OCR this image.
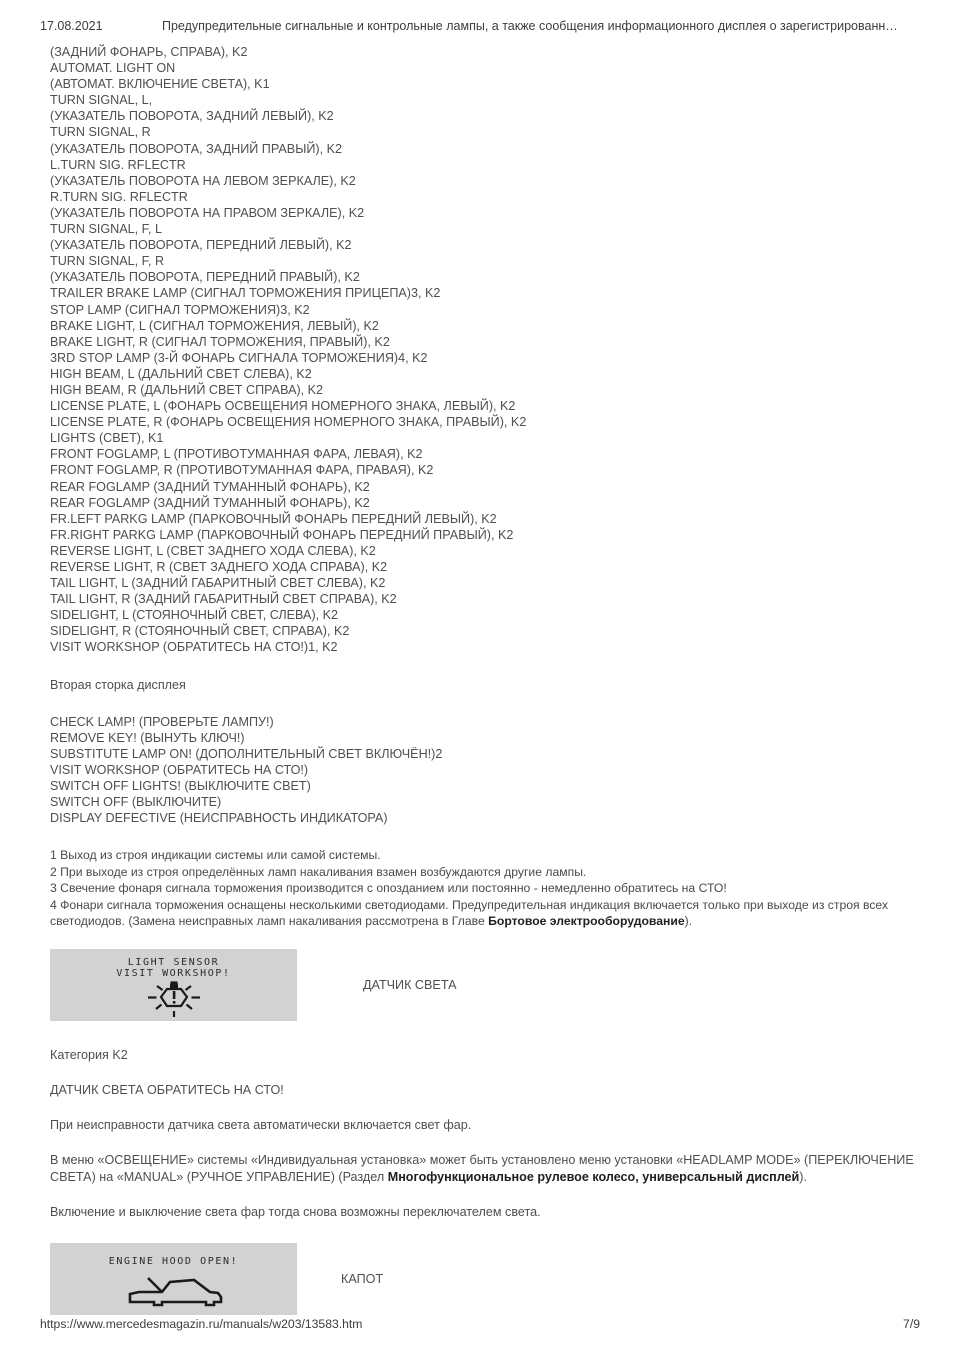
17.08.2021	Предупредительные сигнальные и контрольные лампы, а также сообщения информационного дисплея о зарегистрированн…
(ЗАДНИЙ ФОНАРЬ, СПРАВА), K2
AUTOMAT. LIGHT ON
(АВТОМАТ. ВКЛЮЧЕНИЕ СВЕТА), K1
TURN SIGNAL, L,
(УКАЗАТЕЛЬ ПОВОРОТА, ЗАДНИЙ ЛЕВЫЙ), K2
TURN SIGNAL, R
(УКАЗАТЕЛЬ ПОВОРОТА, ЗАДНИЙ ПРАВЫЙ), K2
L.TURN SIG. RFLECTR
(УКАЗАТЕЛЬ ПОВОРОТА НА ЛЕВОМ ЗЕРКАЛЕ), K2
R.TURN SIG. RFLECTR
(УКАЗАТЕЛЬ ПОВОРОТА НА ПРАВОМ ЗЕРКАЛЕ), K2
TURN SIGNAL, F, L
(УКАЗАТЕЛЬ ПОВОРОТА, ПЕРЕДНИЙ ЛЕВЫЙ), K2
TURN SIGNAL, F, R
(УКАЗАТЕЛЬ ПОВОРОТА, ПЕРЕДНИЙ ПРАВЫЙ), K2
TRAILER BRAKE LAMP (СИГНАЛ ТОРМОЖЕНИЯ ПРИЦЕПА)3, K2
STOP LAMP (СИГНАЛ ТОРМОЖЕНИЯ)3, K2
BRAKE LIGHT, L (СИГНАЛ ТОРМОЖЕНИЯ, ЛЕВЫЙ), K2
BRAKE LIGHT, R (СИГНАЛ ТОРМОЖЕНИЯ, ПРАВЫЙ), K2
3RD STOP LAMP (3-Й ФОНАРЬ СИГНАЛА ТОРМОЖЕНИЯ)4, K2
HIGH BEAM, L (ДАЛЬНИЙ СВЕТ СЛЕВА), K2
HIGH BEAM, R (ДАЛЬНИЙ СВЕТ СПРАВА), K2
LICENSE PLATE, L (ФОНАРЬ ОСВЕЩЕНИЯ НОМЕРНОГО ЗНАКА, ЛЕВЫЙ), K2
LICENSE PLATE, R (ФОНАРЬ ОСВЕЩЕНИЯ НОМЕРНОГО ЗНАКА, ПРАВЫЙ), K2
LIGHTS (СВЕТ), K1
FRONT FOGLAMP, L (ПРОТИВОТУМАННАЯ ФАРА, ЛЕВАЯ), K2
FRONT FOGLAMP, R (ПРОТИВОТУМАННАЯ ФАРА, ПРАВАЯ), K2
REAR FOGLAMP (ЗАДНИЙ ТУМАННЫЙ ФОНАРЬ), K2
REAR FOGLAMP (ЗАДНИЙ ТУМАННЫЙ ФОНАРЬ), K2
FR.LEFT PARKG LAMP (ПАРКОВОЧНЫЙ ФОНАРЬ ПЕРЕДНИЙ ЛЕВЫЙ), K2
FR.RIGHT PARKG LAMP (ПАРКОВОЧНЫЙ ФОНАРЬ ПЕРЕДНИЙ ПРАВЫЙ), K2
REVERSE LIGHT, L (СВЕТ ЗАДНЕГО ХОДА СЛЕВА), K2
REVERSE LIGHT, R (СВЕТ ЗАДНЕГО ХОДА СПРАВА), K2
TAIL LIGHT, L (ЗАДНИЙ ГАБАРИТНЫЙ СВЕТ СЛЕВА), K2
TAIL LIGHT, R (ЗАДНИЙ ГАБАРИТНЫЙ СВЕТ СПРАВА), K2
SIDELIGHT, L (СТОЯНОЧНЫЙ СВЕТ, СЛЕВА), K2
SIDELIGHT, R (СТОЯНОЧНЫЙ СВЕТ, СПРАВА), K2
VISIT WORKSHOP (ОБРАТИТЕСЬ НА СТО!)1, K2
Вторая сторка дисплея
CHECK LAMP! (ПРОВЕРЬТЕ ЛАМПУ!)
REMOVE KEY! (ВЫНУТЬ КЛЮЧ!)
SUBSTITUTE LAMP ON! (ДОПОЛНИТЕЛЬНЫЙ СВЕТ ВКЛЮЧЁН!)2
VISIT WORKSHOP (ОБРАТИТЕСЬ НА СТО!)
SWITCH OFF LIGHTS! (ВЫКЛЮЧИТЕ СВЕТ)
SWITCH OFF (ВЫКЛЮЧИТЕ)
DISPLAY DEFECTIVE (НЕИСПРАВНОСТЬ ИНДИКАТОРА)

1 Выход из строя индикации системы или самой системы.

2 При выходе из строя определённых ламп накаливания взамен возбуждаются другие лампы.

3 Свечение фонаря сигнала торможения производится с опозданием или постоянно - немедленно обратитесь на СТО!

4 Фонари сигнала торможения оснащены несколькими светодиодами. Предупредительная индикация включается только при выходе из строя всех светодиодов. (Замена неисправных ламп накаливания рассмотрена в Главе Бортовое электрооборудование).

LIGHT SENSOR
VISIT WORKSHOP!
ДАТЧИК СВЕТА
Категория K2
ДАТЧИК СВЕТА ОБРАТИТЕСЬ НА СТО!
При неисправности датчика света автоматически включается свет фар.
В меню «ОСВЕЩЕНИЕ» системы «Индивидуальная установка» может быть установлено меню установки «HEADLAMP MODE» (ПЕРЕКЛЮЧЕНИЕ СВЕТА) на «MANUAL» (РУЧНОЕ УПРАВЛЕНИЕ) (Раздел Многофункциональное рулевое колесо, универсальный дисплей).
Включение и выключение света фар тогда снова возможны переключателем света.
ENGINE HOOD OPEN!
КАПОТ
https://www.mercedesmagazin.ru/manuals/w203/13583.htm	7/9
